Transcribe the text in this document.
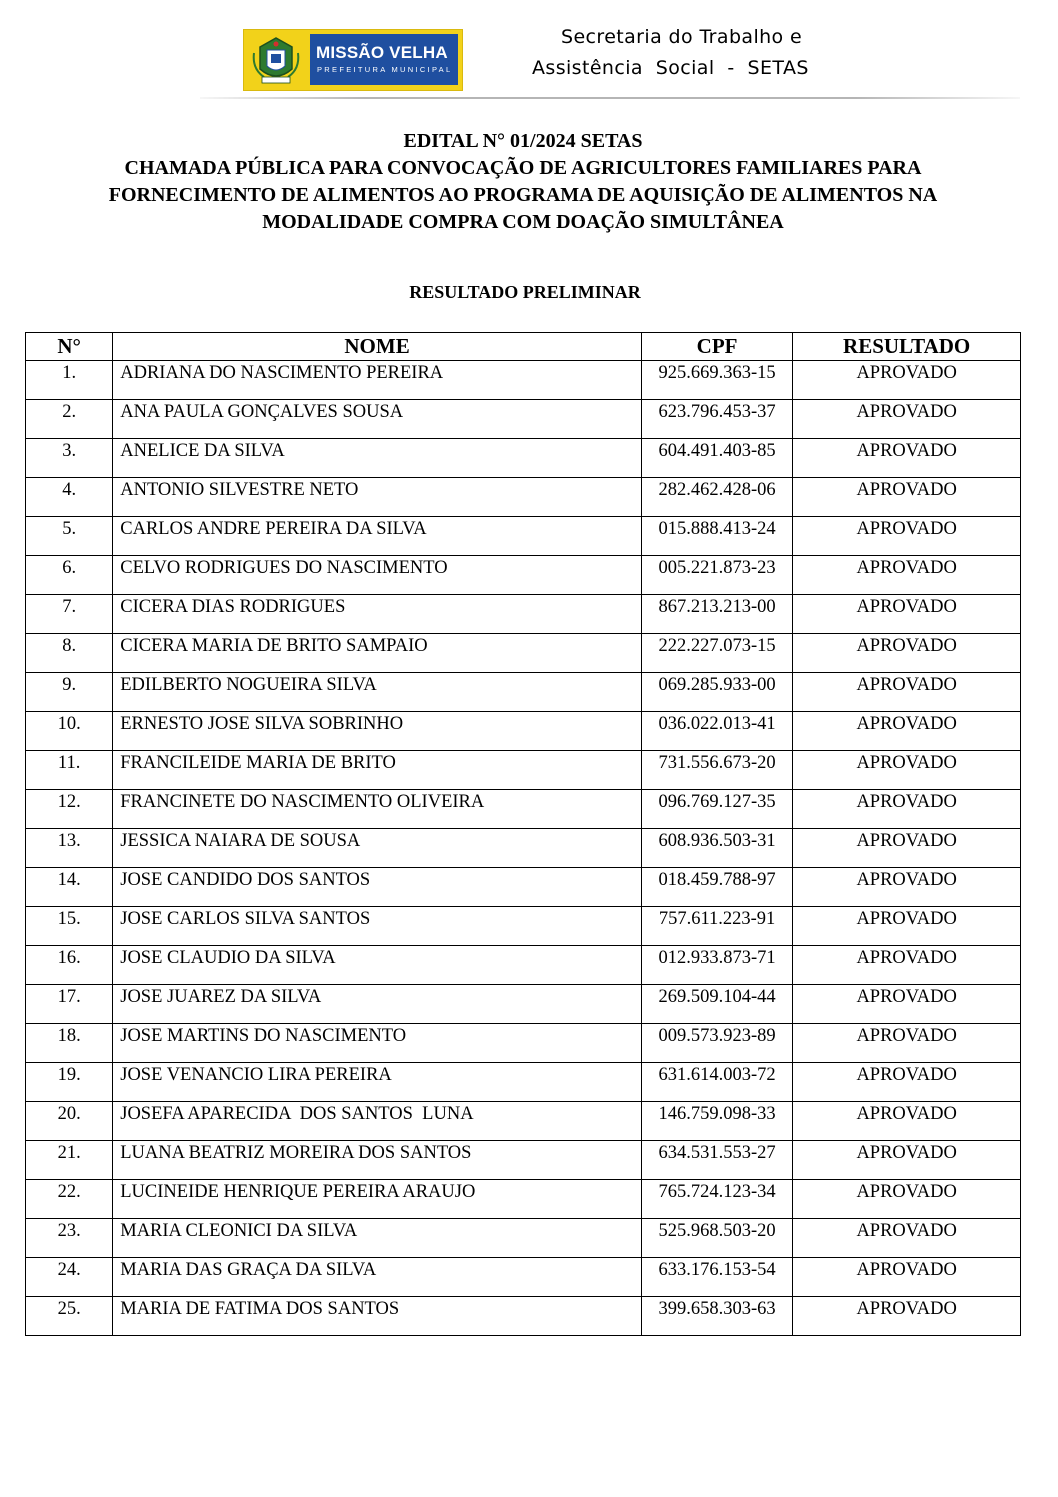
MISSÃO VELHA
PREFEITURA MUNICIPAL
Secretaria do Trabalho e
Assistência  Social  -  SETAS
EDITAL N° 01/2024 SETAS
CHAMADA PÚBLICA PARA CONVOCAÇÃO DE AGRICULTORES FAMILIARES PARA
FORNECIMENTO DE ALIMENTOS AO PROGRAMA DE AQUISIÇÃO DE ALIMENTOS NA
MODALIDADE COMPRA COM DOAÇÃO SIMULTÂNEA
RESULTADO PRELIMINAR
N°	NOME	CPF	RESULTADO
1.	ADRIANA DO NASCIMENTO PEREIRA	925.669.363-15	APROVADO
2.	ANA PAULA GONÇALVES SOUSA	623.796.453-37	APROVADO
3.	ANELICE DA SILVA	604.491.403-85	APROVADO
4.	ANTONIO SILVESTRE NETO	282.462.428-06	APROVADO
5.	CARLOS ANDRE PEREIRA DA SILVA	015.888.413-24	APROVADO
6.	CELVO RODRIGUES DO NASCIMENTO	005.221.873-23	APROVADO
7.	CICERA DIAS RODRIGUES	867.213.213-00	APROVADO
8.	CICERA MARIA DE BRITO SAMPAIO	222.227.073-15	APROVADO
9.	EDILBERTO NOGUEIRA SILVA	069.285.933-00	APROVADO
10.	ERNESTO JOSE SILVA SOBRINHO	036.022.013-41	APROVADO
11.	FRANCILEIDE MARIA DE BRITO	731.556.673-20	APROVADO
12.	FRANCINETE DO NASCIMENTO OLIVEIRA	096.769.127-35	APROVADO
13.	JESSICA NAIARA DE SOUSA	608.936.503-31	APROVADO
14.	JOSE CANDIDO DOS SANTOS	018.459.788-97	APROVADO
15.	JOSE CARLOS SILVA SANTOS	757.611.223-91	APROVADO
16.	JOSE CLAUDIO DA SILVA	012.933.873-71	APROVADO
17.	JOSE JUAREZ DA SILVA	269.509.104-44	APROVADO
18.	JOSE MARTINS DO NASCIMENTO	009.573.923-89	APROVADO
19.	JOSE VENANCIO LIRA PEREIRA	631.614.003-72	APROVADO
20.	JOSEFA APARECIDA  DOS SANTOS  LUNA	146.759.098-33	APROVADO
21.	LUANA BEATRIZ MOREIRA DOS SANTOS	634.531.553-27	APROVADO
22.	LUCINEIDE HENRIQUE PEREIRA ARAUJO	765.724.123-34	APROVADO
23.	MARIA CLEONICI DA SILVA	525.968.503-20	APROVADO
24.	MARIA DAS GRAÇA DA SILVA	633.176.153-54	APROVADO
25.	MARIA DE FATIMA DOS SANTOS	399.658.303-63	APROVADO
